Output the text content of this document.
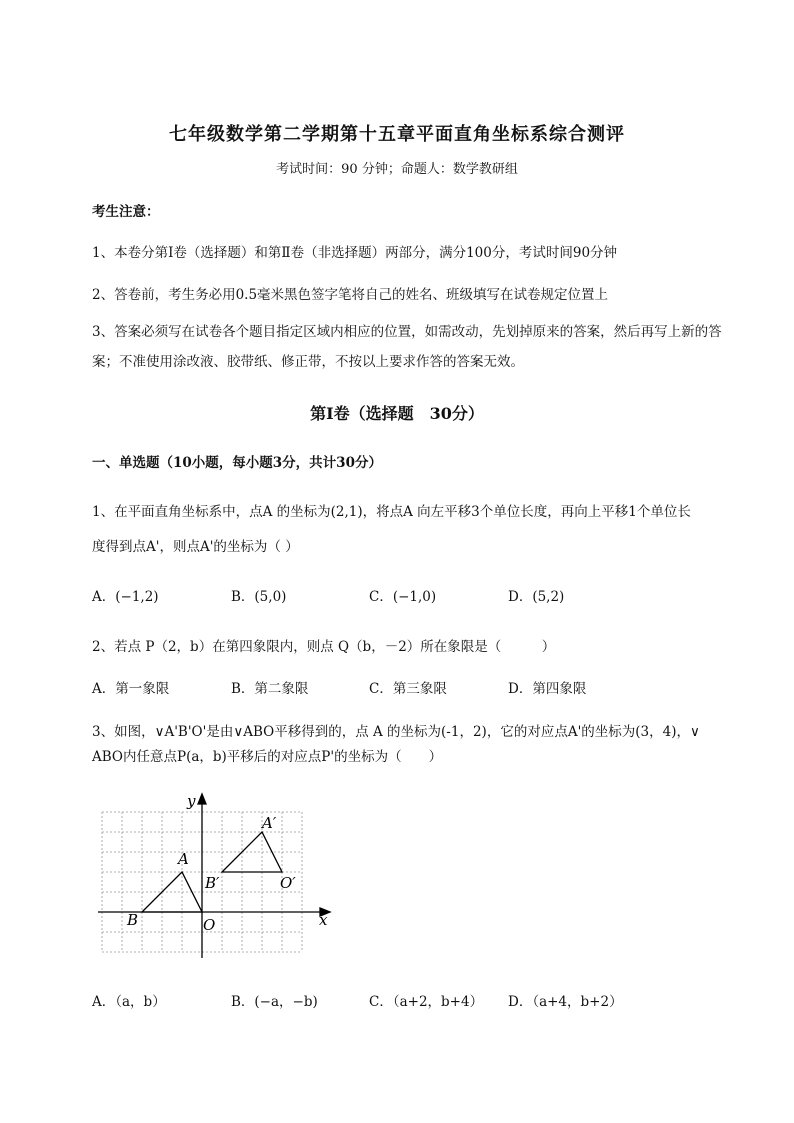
七年级数学第二学期第十五章平面直角坐标系综合测评
考试时间：90 分钟；命题人：数学教研组
考生注意：
1、本卷分第Ⅰ卷（选择题）和第Ⅱ卷（非选择题）两部分，满分100分，考试时间90分钟
2、答卷前，考生务必用0.5毫米黑色签字笔将自己的姓名、班级填写在试卷规定位置上
3、答案必须写在试卷各个题目指定区域内相应的位置，如需改动，先划掉原来的答案，然后再写上新的答案；不准使用涂改液、胶带纸、修正带，不按以上要求作答的答案无效。
第Ⅰ卷（选择题　30分）
一、单选题（10小题，每小题3分，共计30分）
1、在平面直角坐标系中，点A 的坐标为(2,1)，将点A 向左平移3个单位长度，再向上平移1个单位长
度得到点A'，则点A'的坐标为（ ）
A．(−1,2)	B．(5,0)	C．(−1,0)	D．(5,2)
2、若点 P（2，b）在第四象限内，则点 Q（b，－2）所在象限是（　　　）
A．第一象限	B．第二象限	C．第三象限	D．第四象限
3、如图，∨A'B'O'是由∨ABO平移得到的，点 A 的坐标为(-1，2)，它的对应点A'的坐标为(3，4)，∨
ABO内任意点P(a，b)平移后的对应点P'的坐标为（　　）
y
x
O
A
B
A′
B′	O′
A．（a，b）	B．(−a，−b)	C．（a+2，b+4） D．（a+4，b+2）
